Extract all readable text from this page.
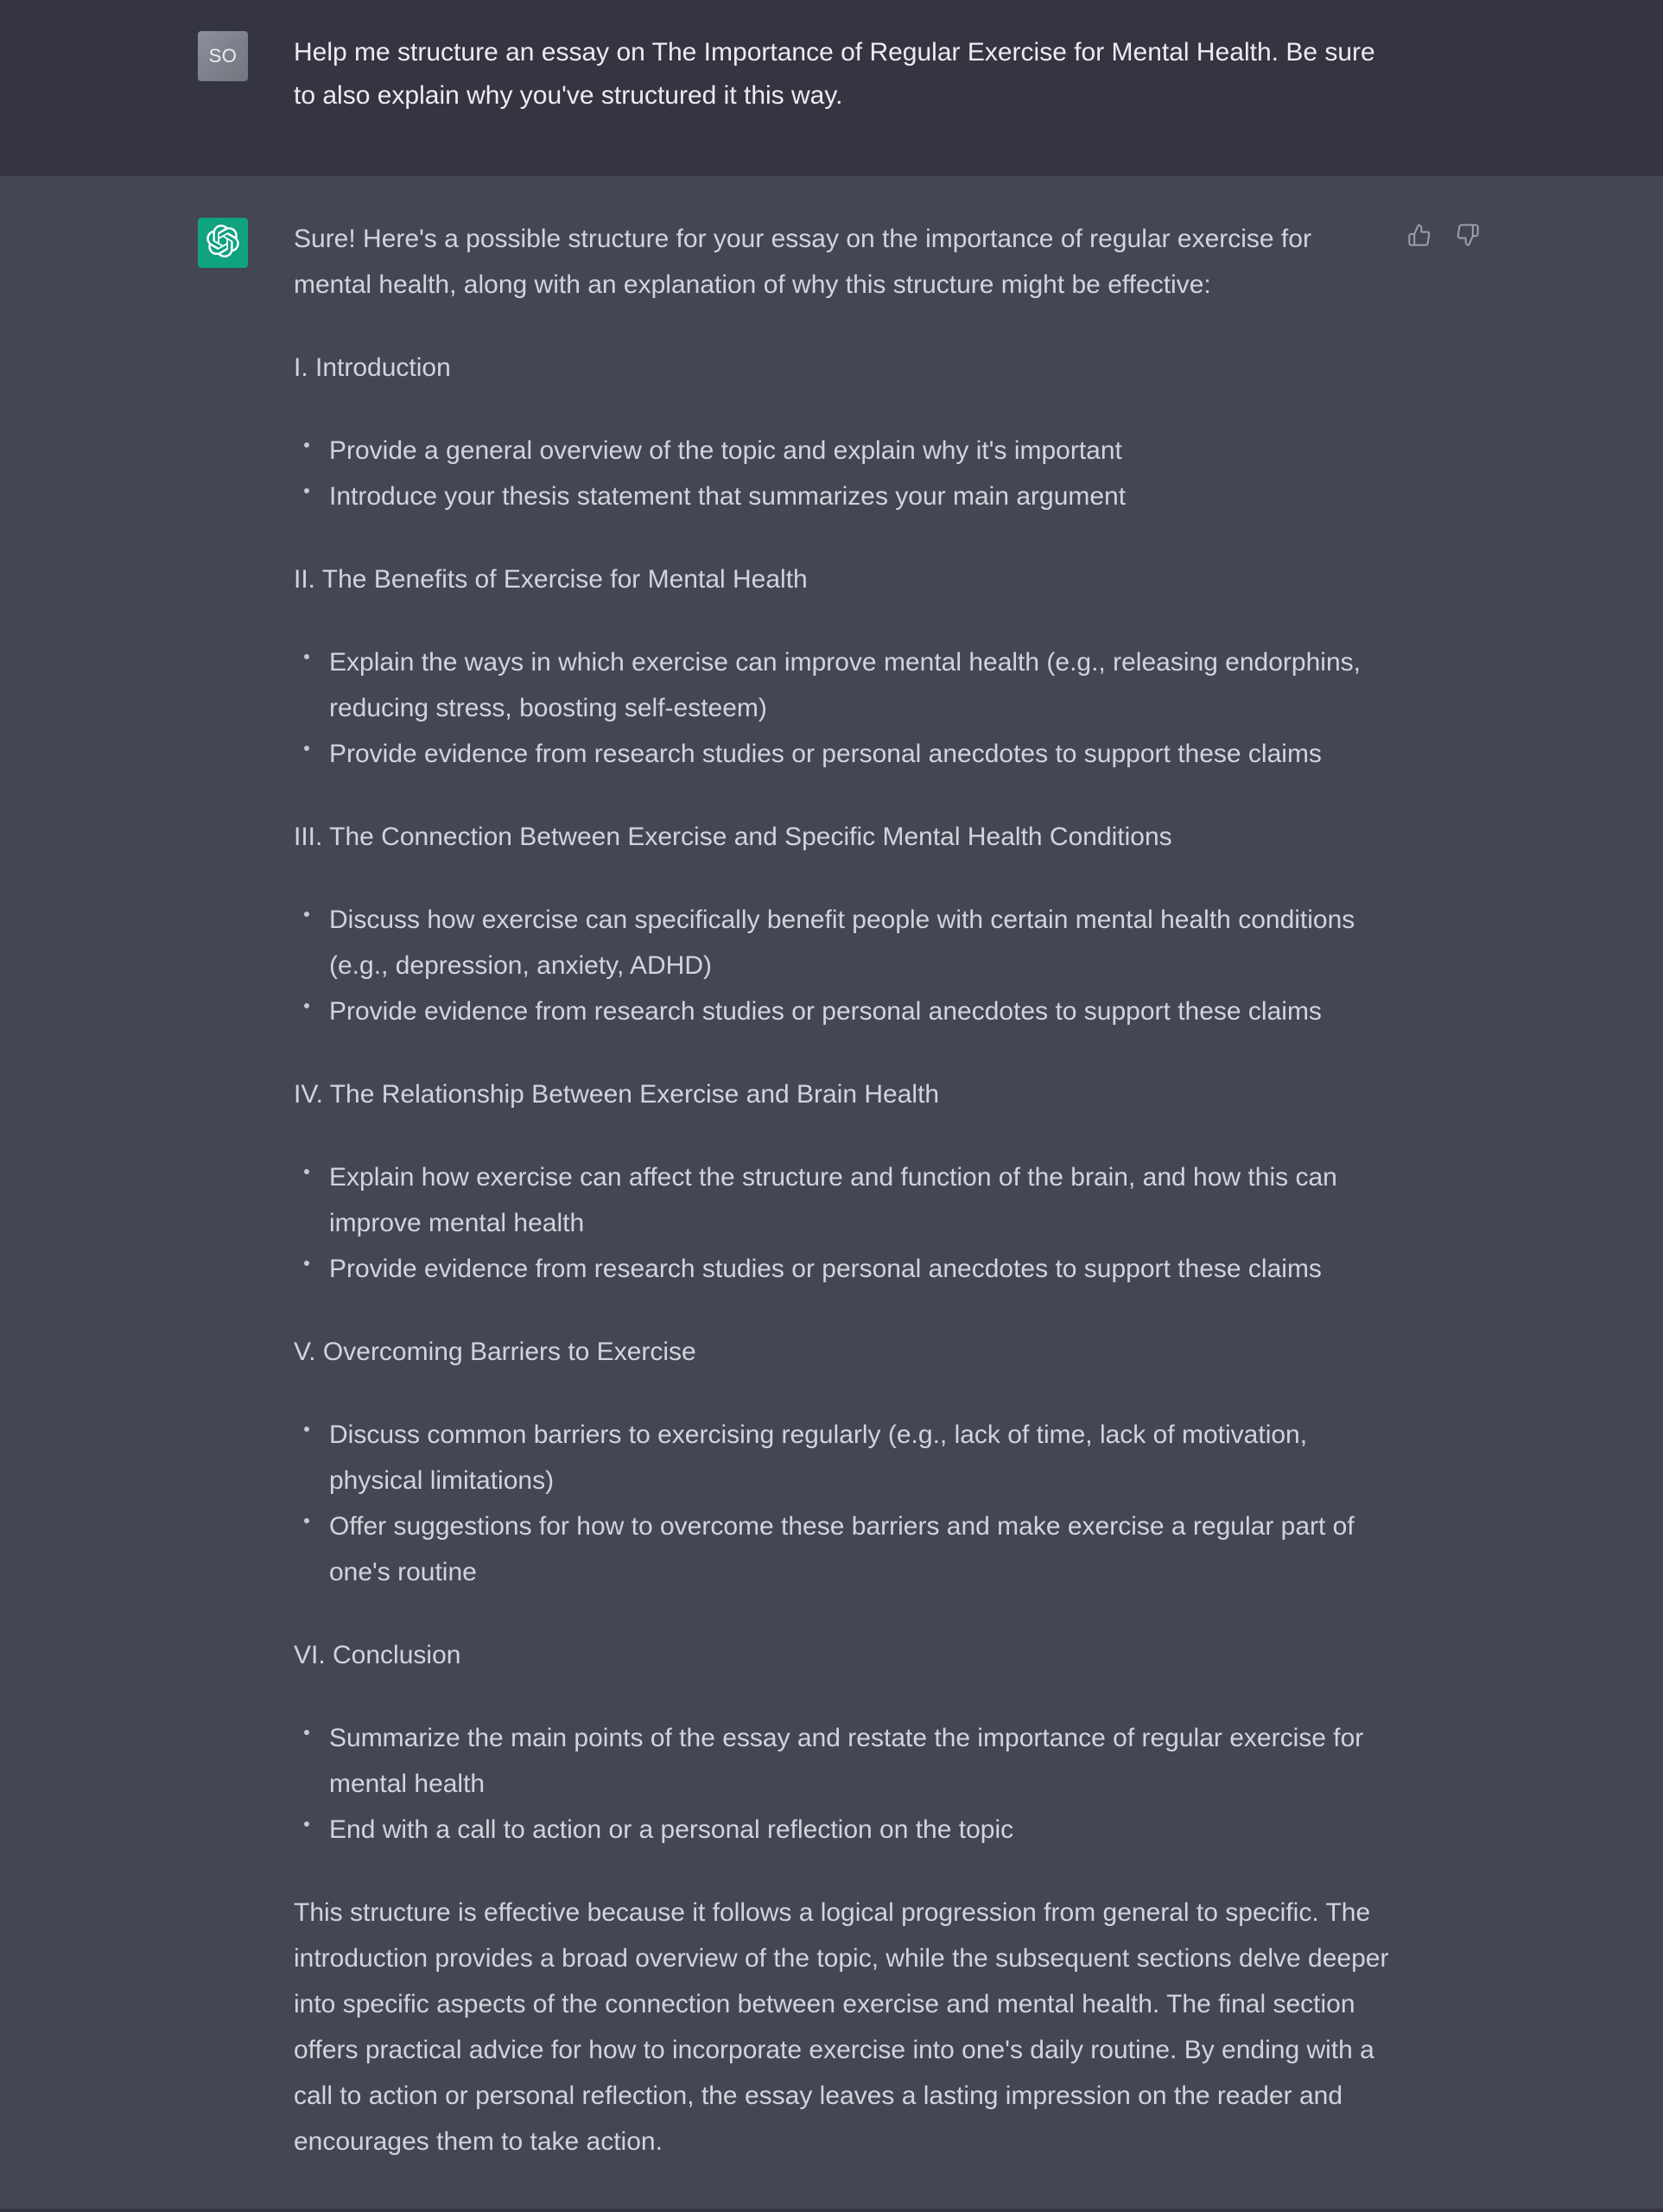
SO Help me structure an essay on The Importance of Regular Exercise for Mental Health. Be sure to also explain why you've structured it this way.

Sure! Here's a possible structure for your essay on the importance of regular exercise for mental health, along with an explanation of why this structure might be effective:

I. Introduction

Provide a general overview of the topic and explain why it's important
Introduce your thesis statement that summarizes your main argument

II. The Benefits of Exercise for Mental Health

Explain the ways in which exercise can improve mental health (e.g., releasing endorphins, reducing stress, boosting self-esteem)
Provide evidence from research studies or personal anecdotes to support these claims

III. The Connection Between Exercise and Specific Mental Health Conditions

Discuss how exercise can specifically benefit people with certain mental health conditions (e.g., depression, anxiety, ADHD)
Provide evidence from research studies or personal anecdotes to support these claims

IV. The Relationship Between Exercise and Brain Health

Explain how exercise can affect the structure and function of the brain, and how this can improve mental health
Provide evidence from research studies or personal anecdotes to support these claims

V. Overcoming Barriers to Exercise

Discuss common barriers to exercising regularly (e.g., lack of time, lack of motivation, physical limitations)
Offer suggestions for how to overcome these barriers and make exercise a regular part of one's routine

VI. Conclusion

Summarize the main points of the essay and restate the importance of regular exercise for mental health
End with a call to action or a personal reflection on the topic

This structure is effective because it follows a logical progression from general to specific. The introduction provides a broad overview of the topic, while the subsequent sections delve deeper into specific aspects of the connection between exercise and mental health. The final section offers practical advice for how to incorporate exercise into one's daily routine. By ending with a call to action or personal reflection, the essay leaves a lasting impression on the reader and encourages them to take action.
